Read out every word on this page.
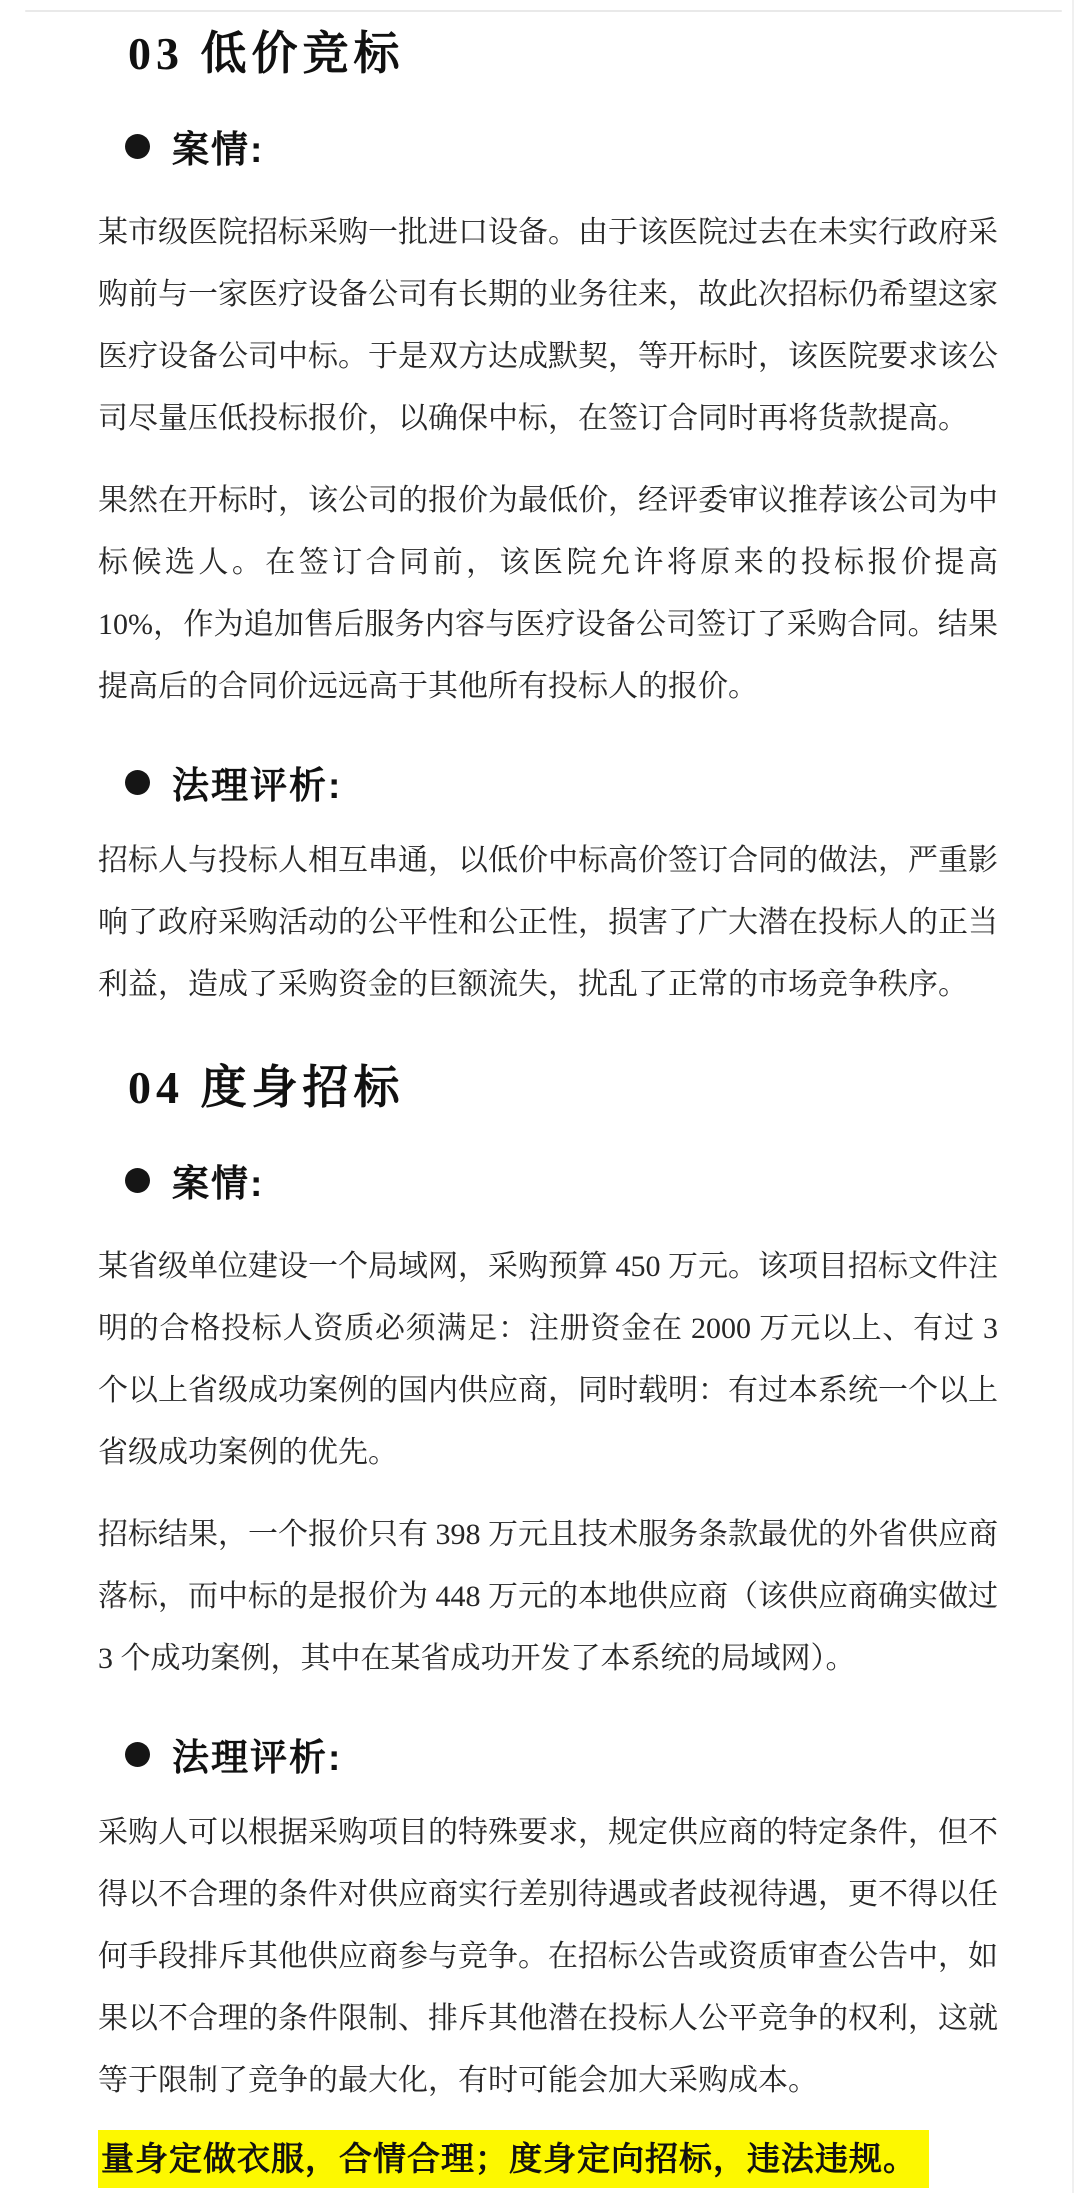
03 低价竞标
案情:

某市级医院招标采购一批进口设备。由于该医院过去在未实行政府采购前与一家医疗设备公司有长期的业务往来，故此次招标仍希望这家医疗设备公司中标。于是双方达成默契，等开标时，该医院要求该公司尽量压低投标报价，以确保中标，在签订合同时再将货款提高。

果然在开标时，该公司的报价为最低价，经评委审议推荐该公司为中标候选人。在签订合同前，该医院允许将原来的投标报价提高 10%，作为追加售后服务内容与医疗设备公司签订了采购合同。结果提高后的合同价远远高于其他所有投标人的报价。

法理评析:

招标人与投标人相互串通，以低价中标高价签订合同的做法，严重影响了政府采购活动的公平性和公正性，损害了广大潜在投标人的正当利益，造成了采购资金的巨额流失，扰乱了正常的市场竞争秩序。

04 度身招标
案情:

某省级单位建设一个局域网，采购预算 450 万元。该项目招标文件注明的合格投标人资质必须满足：注册资金在 2000 万元以上、有过 3 个以上省级成功案例的国内供应商，同时载明：有过本系统一个以上省级成功案例的优先。

招标结果，一个报价只有 398 万元且技术服务条款最优的外省供应商落标，而中标的是报价为 448 万元的本地供应商（该供应商确实做过 3 个成功案例，其中在某省成功开发了本系统的局域网）。

法理评析:

采购人可以根据采购项目的特殊要求，规定供应商的特定条件，但不得以不合理的条件对供应商实行差别待遇或者歧视待遇，更不得以任何手段排斥其他供应商参与竞争。在招标公告或资质审查公告中，如果以不合理的条件限制、排斥其他潜在投标人公平竞争的权利，这就等于限制了竞争的最大化，有时可能会加大采购成本。

量身定做衣服，合情合理；度身定向招标，违法违规。
